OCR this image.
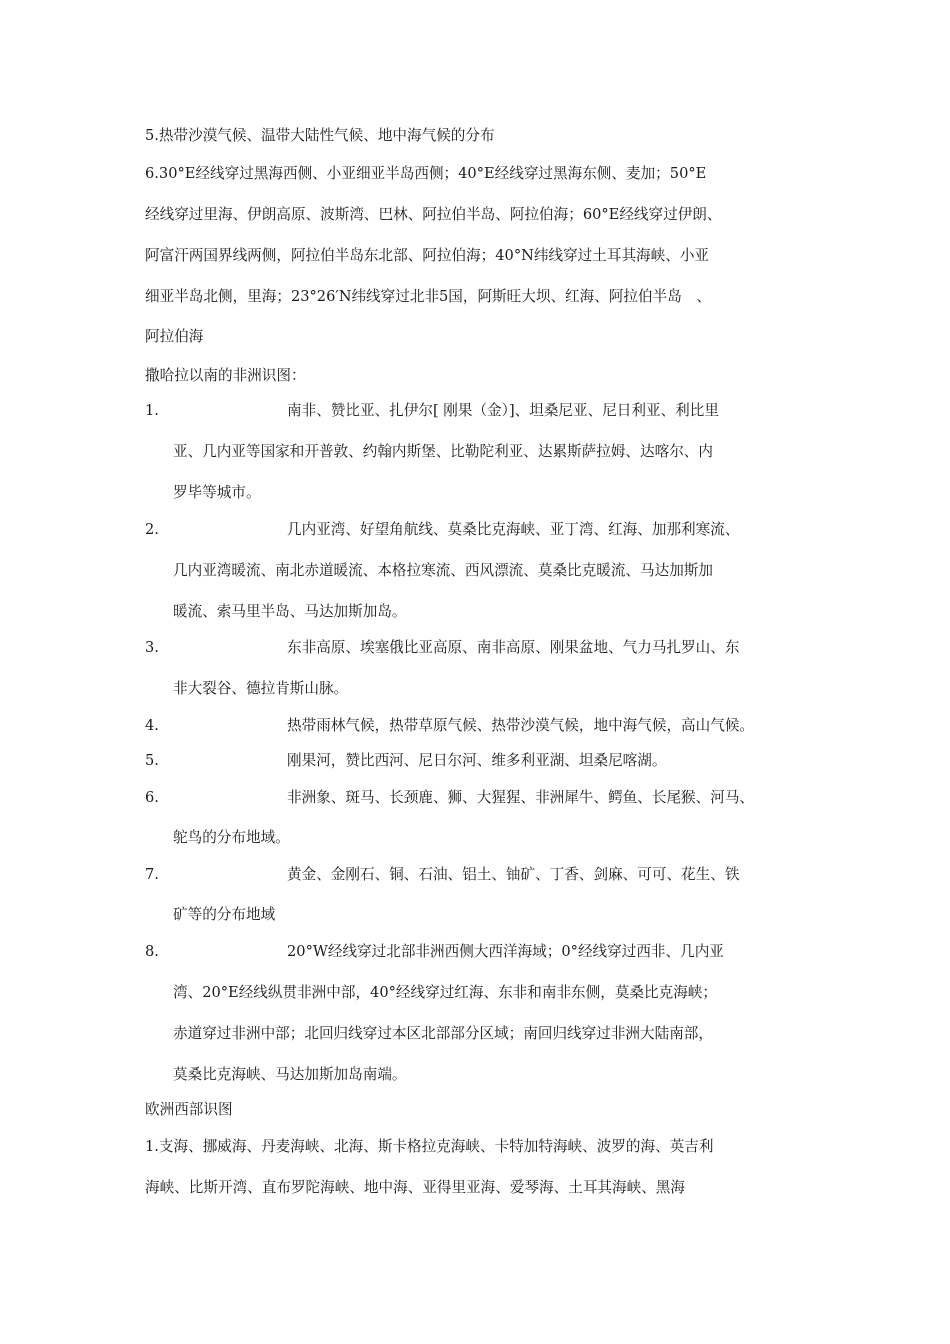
5.热带沙漠气候、温带大陆性气候、地中海气候的分布
6.30°E经线穿过黑海西侧、小亚细亚半岛西侧；40°E经线穿过黑海东侧、麦加；50°E
经线穿过里海、伊朗高原、波斯湾、巴林、阿拉伯半岛、阿拉伯海；60°E经线穿过伊朗、
阿富汗两国界线两侧，阿拉伯半岛东北部、阿拉伯海；40°N纬线穿过土耳其海峡、小亚
细亚半岛北侧，里海；23°26′N纬线穿过北非5国，阿斯旺大坝、红海、阿拉伯半岛　、
阿拉伯海
撒哈拉以南的非洲识图：
1.	南非、赞比亚、扎伊尔[ 刚果（金）]、坦桑尼亚、尼日利亚、利比里
亚、几内亚等国家和开普敦、约翰内斯堡、比勒陀利亚、达累斯萨拉姆、达喀尔、内
罗毕等城市。
2.	几内亚湾、好望角航线、莫桑比克海峡、亚丁湾、红海、加那利寒流、
几内亚湾暖流、南北赤道暖流、本格拉寒流、西风漂流、莫桑比克暖流、马达加斯加
暖流、索马里半岛、马达加斯加岛。
3.	东非高原、埃塞俄比亚高原、南非高原、刚果盆地、气力马扎罗山、东
非大裂谷、德拉肯斯山脉。
4.	热带雨林气候，热带草原气候、热带沙漠气候，地中海气候，高山气候。
5.	刚果河，赞比西河、尼日尔河、维多利亚湖、坦桑尼喀湖。
6.	非洲象、斑马、长颈鹿、狮、大猩猩、非洲犀牛、鳄鱼、长尾猴、河马、
鸵鸟的分布地域。
7.	黄金、金刚石、铜、石油、铝土、铀矿、丁香、剑麻、可可、花生、铁
矿等的分布地域
8.	20°W经线穿过北部非洲西侧大西洋海域；0°经线穿过西非、几内亚
湾、20°E经线纵贯非洲中部，40°经线穿过红海、东非和南非东侧，莫桑比克海峡；
赤道穿过非洲中部；北回归线穿过本区北部部分区域；南回归线穿过非洲大陆南部，
莫桑比克海峡、马达加斯加岛南端。
欧洲西部识图
1.支海、挪威海、丹麦海峡、北海、斯卡格拉克海峡、卡特加特海峡、波罗的海、英吉利
海峡、比斯开湾、直布罗陀海峡、地中海、亚得里亚海、爱琴海、土耳其海峡、黑海
